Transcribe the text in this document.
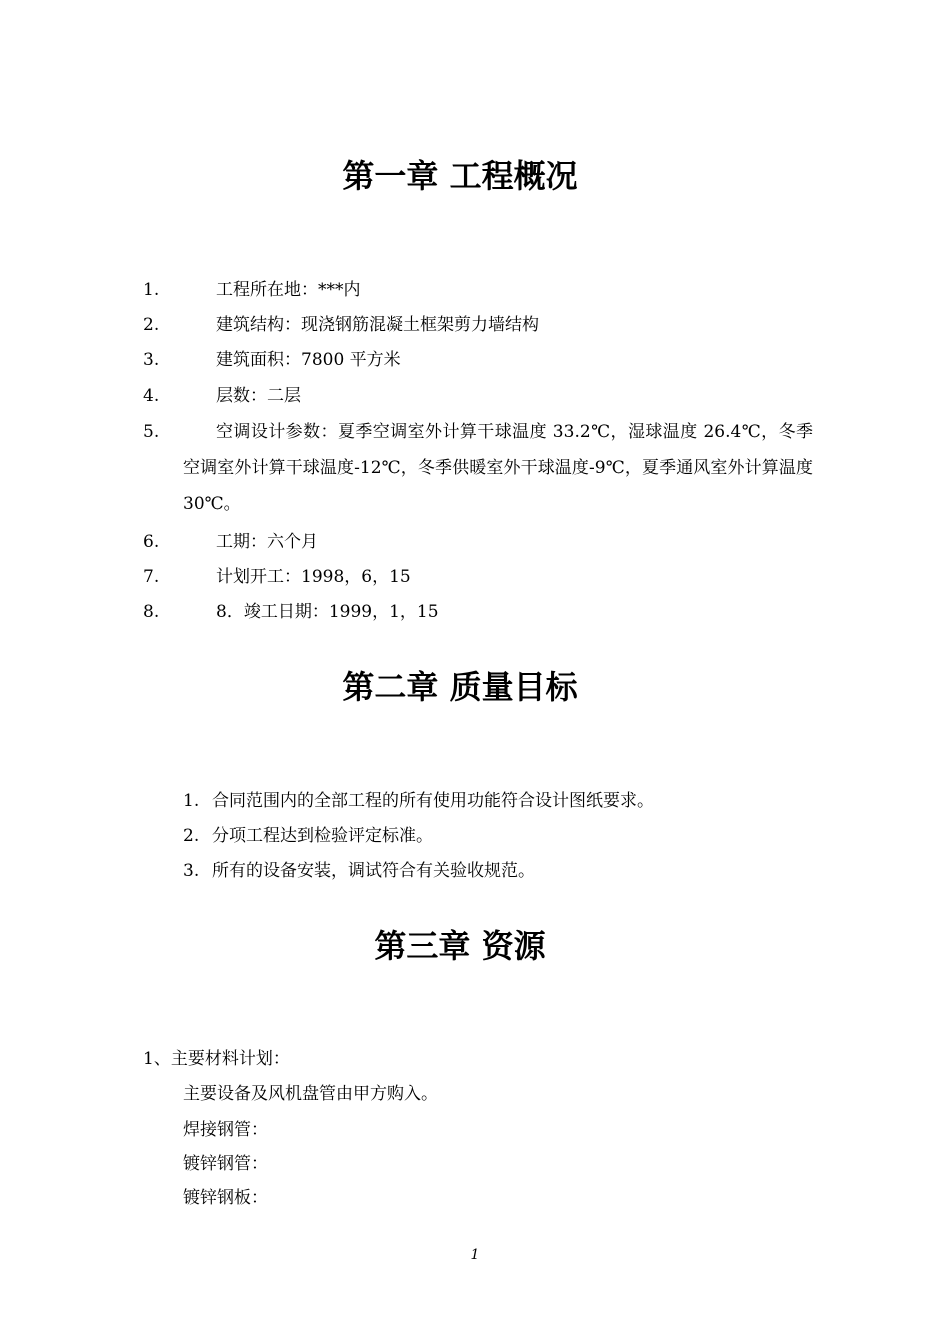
第一章 工程概况
1.	工程所在地：***内
2.	建筑结构：现浇钢筋混凝土框架剪力墙结构
3.	建筑面积：7800 平方米
4.	层数：二层
5.	空调设计参数：夏季空调室外计算干球温度 33.2℃，湿球温度 26.4℃，冬季空调室外计算干球温度-12℃，冬季供暖室外干球温度-9℃，夏季通风室外计算温度 30℃。

6.	工期：六个月
7.	计划开工：1998，6，15
8.	8．竣工日期：1999，1，15
第二章 质量目标
1. 合同范围内的全部工程的所有使用功能符合设计图纸要求。
2. 分项工程达到检验评定标准。
3. 所有的设备安装，调试符合有关验收规范。
第三章 资源
1、主要材料计划：
主要设备及风机盘管由甲方购入。
焊接钢管：
镀锌钢管：
镀锌钢板：
1
